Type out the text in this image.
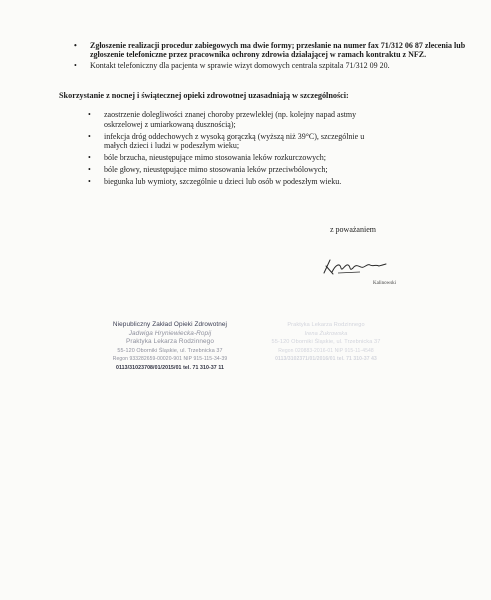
• Zgłoszenie realizacji procedur zabiegowych ma dwie formy; przesłanie na numer fax 71/312 06 87 zlecenia lub zgłoszenie telefoniczne przez pracownika ochrony zdrowia działającej w ramach kontraktu z NFZ.
• Kontakt telefoniczny dla pacjenta w sprawie wizyt domowych centrala szpitala 71/312 09 20.
Skorzystanie z nocnej i świątecznej opieki zdrowotnej uzasadniają w szczególności:
• zaostrzenie dolegliwości znanej choroby przewlekłej (np. kolejny napad astmy oskrzelowej z umiarkowaną dusznością);
• infekcja dróg oddechowych z wysoką gorączką (wyższą niż 39°C), szczególnie u małych dzieci i ludzi w podeszłym wieku;
• bóle brzucha, nieustępujące mimo stosowania leków rozkurczowych;
• bóle głowy, nieustępujące mimo stosowania leków przeciwbólowych;
• biegunka lub wymioty, szczególnie u dzieci lub osób w podeszłym wieku.
z poważaniem
Kalinowski
Niepubliczny Zakład Opieki Zdrowotnej
Jadwiga Hryniewiecka-Ropij
Praktyka Lekarza Rodzinnego
55-120 Oborniki Śląskie, ul. Trzebnicka 37
Regon 933282659-00020-901 NIP 915-115-34-39
0113/31023708/01/2015/01 tel. 71 310-37 11
Praktyka Lekarza Rodzinnego
Irena Żukrowska
55-120 Oborniki Śląskie, ul. Trzebnicka 37
Regon 020883-2016-01 NIP 915-11-4548
0113/3102371/01/2016/01 tel. 71 310-37 43
